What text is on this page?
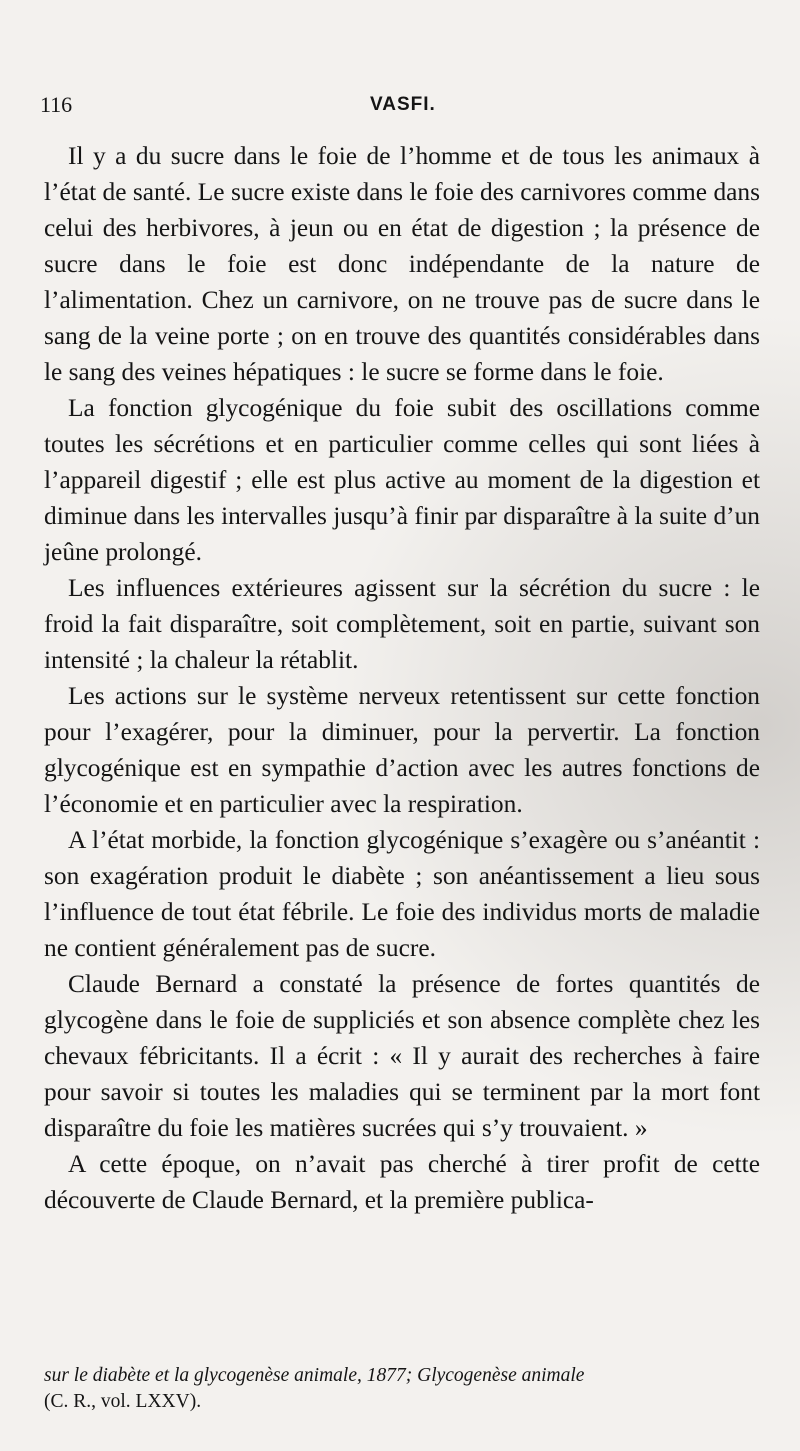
116	VASFI.

Il y a du sucre dans le foie de l’homme et de tous les animaux à l’état de santé. Le sucre existe dans le foie des carnivores comme dans celui des herbivores, à jeun ou en état de digestion ; la présence de sucre dans le foie est donc indépendante de la nature de l’alimentation. Chez un carnivore, on ne trouve pas de sucre dans le sang de la veine porte ; on en trouve des quantités considérables dans le sang des veines hépatiques : le sucre se forme dans le foie.

La fonction glycogénique du foie subit des oscillations comme toutes les sécrétions et en particulier comme celles qui sont liées à l’appareil digestif ; elle est plus active au moment de la digestion et diminue dans les intervalles jusqu’à finir par disparaître à la suite d’un jeûne prolongé.

Les influences extérieures agissent sur la sécrétion du sucre : le froid la fait disparaître, soit complètement, soit en partie, suivant son intensité ; la chaleur la rétablit.

Les actions sur le système nerveux retentissent sur cette fonction pour l’exagérer, pour la diminuer, pour la pervertir. La fonction glycogénique est en sympathie d’action avec les autres fonctions de l’économie et en particulier avec la respiration.

A l’état morbide, la fonction glycogénique s’exagère ou s’anéantit : son exagération produit le diabète ; son anéantissement a lieu sous l’influence de tout état fébrile. Le foie des individus morts de maladie ne contient généralement pas de sucre.

Claude Bernard a constaté la présence de fortes quantités de glycogène dans le foie de suppliciés et son absence complète chez les chevaux fébricitants. Il a écrit : « Il y aurait des recherches à faire pour savoir si toutes les maladies qui se terminent par la mort font disparaître du foie les matières sucrées qui s’y trouvaient. »

A cette époque, on n’avait pas cherché à tirer profit de cette découverte de Claude Bernard, et la première publica-

sur le diabète et la glycogenèse animale, 1877; Glycogenèse animale

(C. R., vol. LXXV).
